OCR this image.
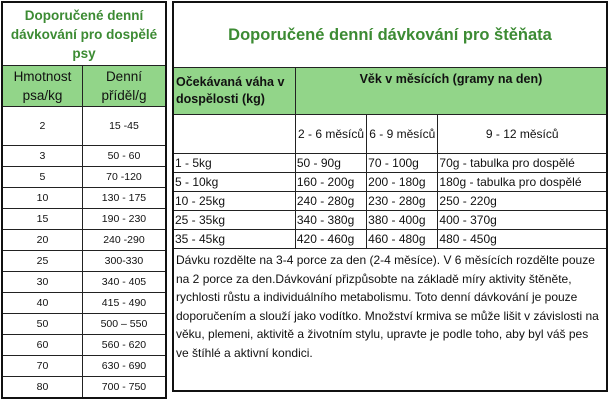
Doporučené denní dávkování pro dospělé psy	
Hmotnost psa/kg	Denní příděl/g
2	15 -45
3	50 - 60
5	70 -120
10	130 - 175
15	190 - 230
20	240 -290
25	300-330
30	340 - 405
40	415 - 490
50	500 – 550
60	560 - 620
70	630 - 690
80	700 - 750
Doporučené denní dávkování pro štěňata			
Očekávaná váha v dospělosti (kg)	Věk v měsících (gramy na den)		
	2 - 6 měsíců	6 - 9 měsíců	9 - 12 měsíců
1 - 5kg	50 - 90g	70 - 100g	70g - tabulka pro dospělé
5 - 10kg	160 - 200g	200 - 180g	180g - tabulka pro dospělé
10 - 25kg	240 - 280g	230 - 280g	250 - 220g
25 - 35kg	340 - 380g	380 - 400g	400 - 370g
35 - 45kg	420 - 460g	460 - 480g	480 - 450g
Dávku rozdělte na 3-4 porce za den (2-4 měsíce). V 6 měsících rozdělte pouze na 2 porce za den.Dávkování přizpůsobte na základě míry aktivity štěněte, rychlosti růstu a individuálního metabolismu. Toto denní dávkování je pouze doporučením a slouží jako vodítko. Množství krmiva se může lišit v závislosti na věku, plemeni, aktivitě a životním stylu, upravte je podle toho, aby byl váš pes ve štíhlé a aktivní kondici.			
